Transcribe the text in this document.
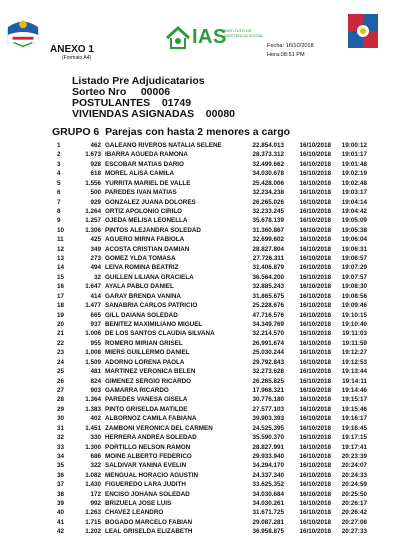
ANEXO 1
(Formato A4)
IAS
INSTITUTO DE ASISTENCIA SOCIAL
Fecha: 16/10/2018
Hora:08:51 PM
Listado Pre Adjudicatarios
Sorteo Nro     00006
POSTULANTES    01749
VIVIENDAS ASIGNADAS    00080
GRUPO 6  Parejas con hasta 2 menores a cargo
1	462	GALEANO RIVEROS NATALIA SELENE	22.854.013	16/10/2018	19:00:12
2	1.673	IBARRA AGUEDA RAMONA	28.373.312	16/10/2018	19:01:17
3	928	ESCOBAR MATIAS DARIO	32.499.662	16/10/2018	19:01:48
4	618	MOREL ALISA CAMILA	34.030.678	16/10/2018	19:02:19
5	1.556	YURRITA MARIEL DE VALLE	25.428.006	16/10/2018	19:02:48
6	500	PAREDES IVAN MATIAS	32.234.238	16/10/2018	19:03:17
7	929	GONZALEZ JUANA DOLORES	26.265.026	16/10/2018	19:04:14
8	1.264	ORTIZ APOLONIO CIRILO	32.233.245	16/10/2018	19:04:42
9	1.257	OJEDA MELISA LEONELLA	35.678.139	16/10/2018	19:05:09
10	1.306	PINTOS ALEJANDRA SOLEDAD	31.360.867	16/10/2018	19:05:38
11	425	AGUERO MIRNA FABIOLA	32.699.602	16/10/2018	19:06:04
12	349	ACOSTA CRISTIAN DAMIAN	28.827.804	16/10/2018	19:06:31
13	273	GOMEZ YLDA TOMASA	27.726.311	16/10/2018	19:06:57
14	494	LEIVA ROMINA BEATRIZ	31.406.879	16/10/2018	19:07:29
15	32	GUILLEN LILIANA GRACIELA	36.564.200	16/10/2018	19:07:57
16	1.647	AYALA PABLO DANIEL	32.885.243	16/10/2018	19:08:30
17	414	GARAY BRENDA VANINA	31.865.675	16/10/2018	19:08:56
18	1.477	SANABRIA CARLOS PATRICIO	25.228.676	16/10/2018	19:09:46
19	665	GILL DAIANA SOLEDAD	47.716.576	16/10/2018	19:10:15
20	937	BENITEZ MAXIMILIANO MIGUEL	34.349.769	16/10/2018	19:10:40
21	1.006	DE LOS SANTOS CLAUDIA SILVANA	32.214.570	16/10/2018	19:11:03
22	955	ROMERO MIRIAN GRISEL	26.991.674	16/10/2018	19:11:59
23	1.008	MIERS GUILLERMO DANIEL	25.030.244	16/10/2018	19:12:27
24	1.509	ADORNO LORENA PAOLA	29.792.843	16/10/2018	19:12:53
25	481	MARTINEZ VERONICA BELEN	32.273.628	16/10/2018	19:13:44
26	824	GIMENEZ SERGIO RICARDO	26.265.825	16/10/2018	19:14:11
27	903	GAMARRA RICARDO	17.968.321	16/10/2018	19:14:46
28	1.364	PAREDES VANESA GISELA	30.776.180	16/10/2018	19:15:17
29	1.383	PINTO GRISELDA MATILDE	27.577.103	16/10/2018	19:15:46
30	402	ALBORNOZ CAMILA FABIANA	39.903.393	16/10/2018	19:16:17
31	1.451	ZAMBONI VERONICA DEL CARMEN	24.525.395	16/10/2018	19:16:45
32	330	HERRERA ANDREA SOLEDAD	35.590.370	16/10/2018	19:17:15
33	1.300	PORTILLO NELSON RAMON	28.827.991	16/10/2018	19:17:41
34	686	MOINE ALBERTO FEDERICO	29.933.940	16/10/2018	20:23:39
35	322	SALDIVAR YANINA EVELIN	34.294.170	16/10/2018	20:24:07
36	1.082	MENGUAL HORACIO AGUSTIN	24.337.340	16/10/2018	20:24:33
37	1.430	FIGUEREDO LARA JUDITH	33.625.352	16/10/2018	20:24:59
38	172	ENCISO JOHANA SOLEDAD	34.030.684	16/10/2018	20:25:50
39	992	BRIZUELA JOSE LUIS	34.030.261	16/10/2018	20:26:17
40	1.263	CHAVEZ LEANDRO	31.671.725	16/10/2018	20:26:42
41	1.715	BOGADO MARCELO FABIAN	29.087.281	16/10/2018	20:27:08
42	1.202	LEAL GRISELDA ELIZABETH	36.958.875	16/10/2018	20:27:33
